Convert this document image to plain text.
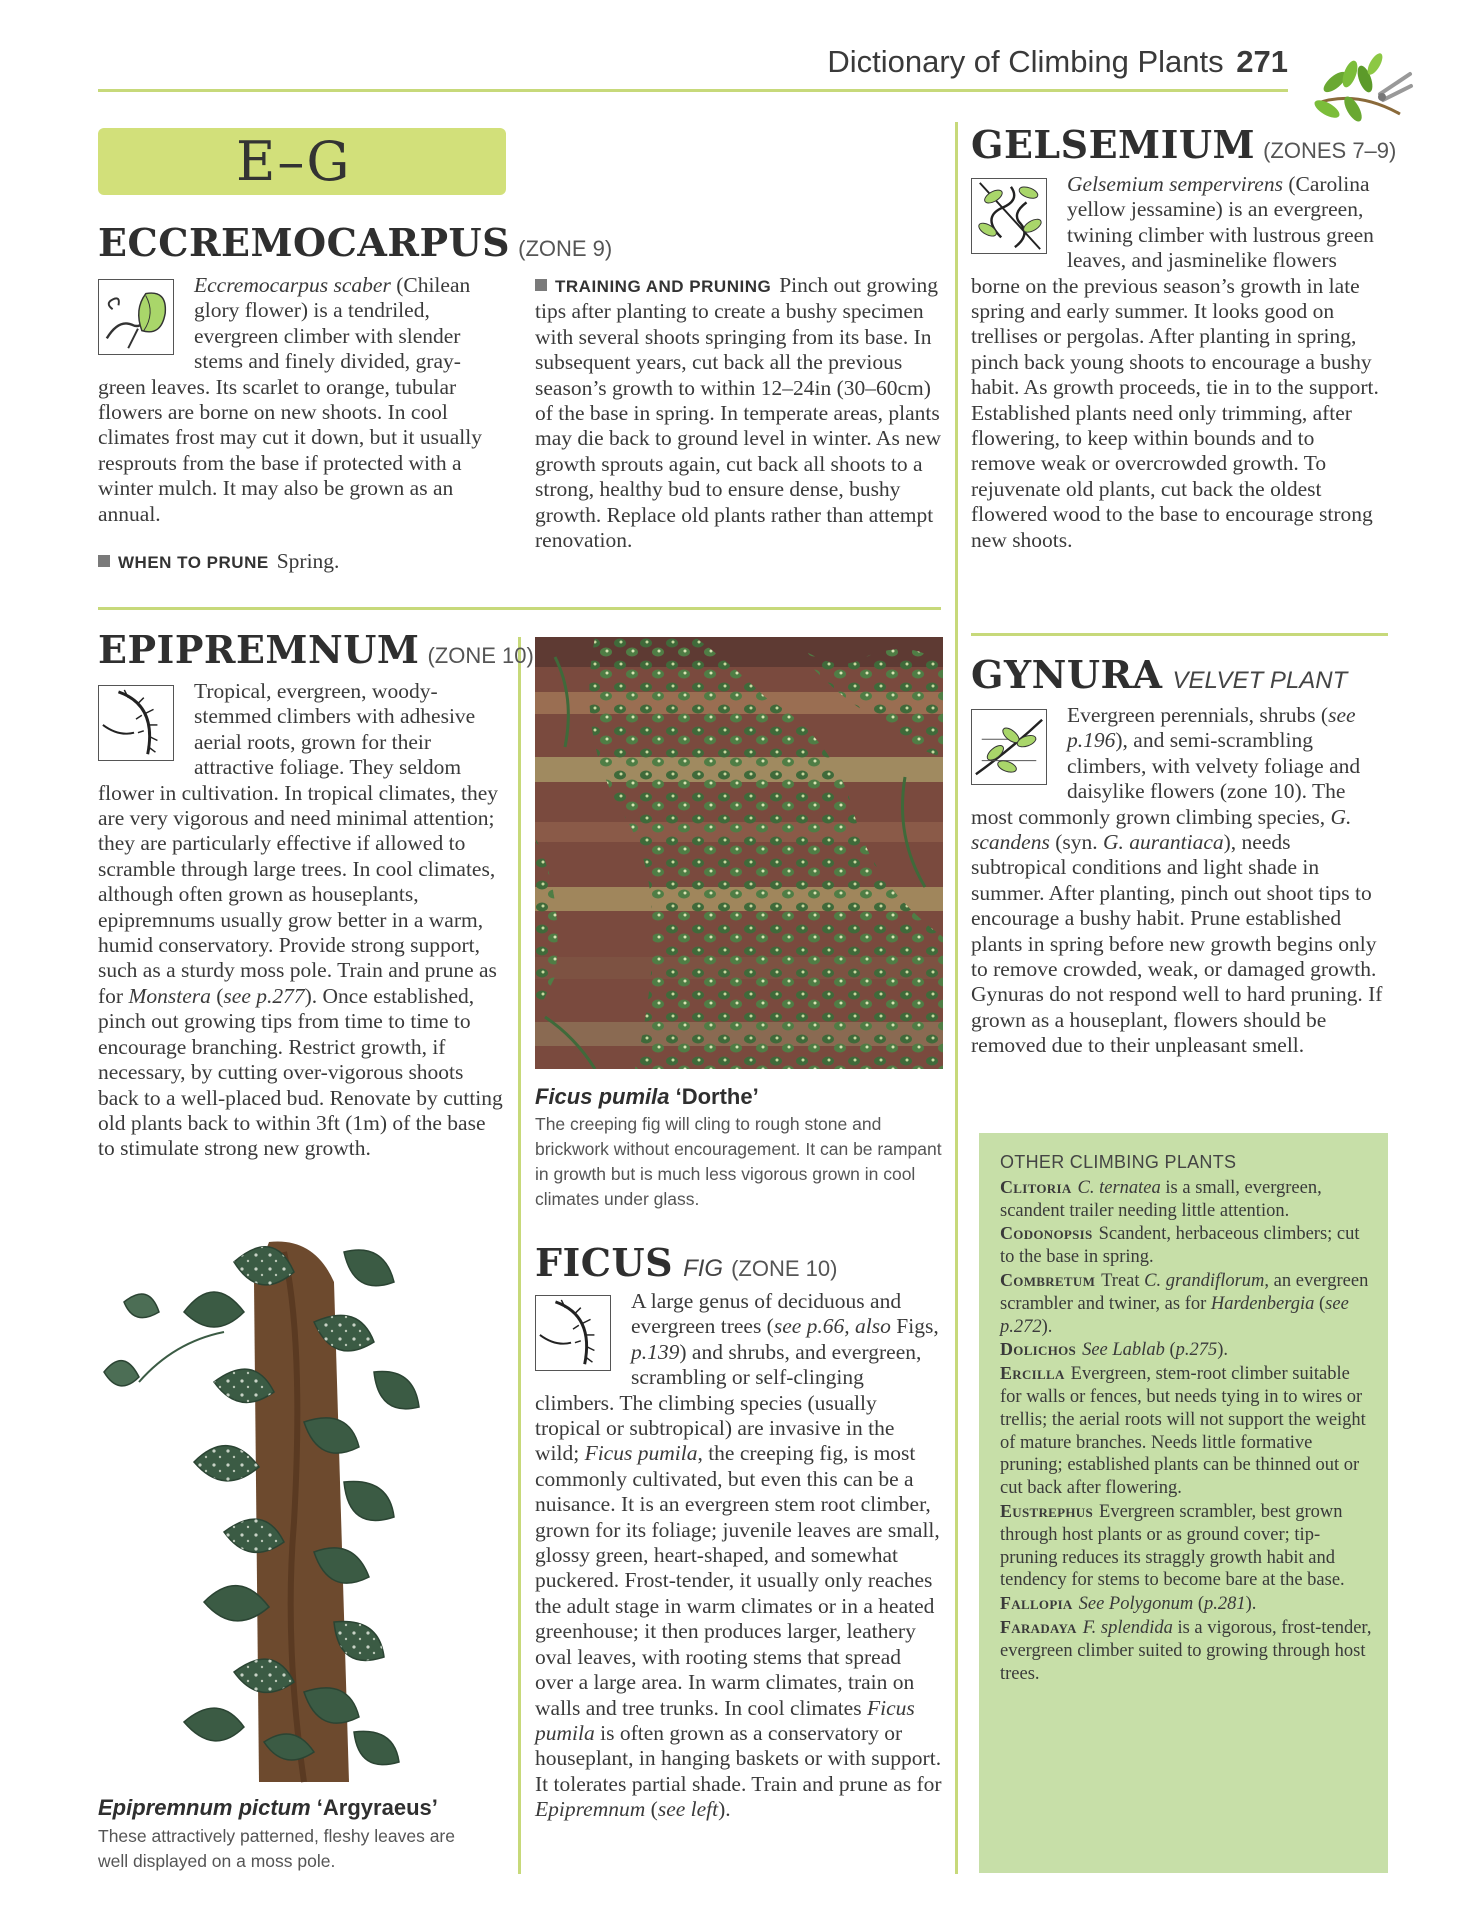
Dictionary of Climbing Plants 271
E–G
ECCREMOCARPUS (ZONE 9)

Eccremocarpus scaber (Chilean glory flower) is a tendriled, evergreen climber with slender stems and finely divided, gray-green leaves. Its scarlet to orange, tubular flowers are borne on new shoots. In cool climates frost may cut it down, but it usually resprouts from the base if protected with a winter mulch. It may also be grown as an annual.

WHEN TO PRUNE Spring.

TRAINING AND PRUNING Pinch out growing tips after planting to create a bushy specimen with several shoots springing from its base. In subsequent years, cut back all the previous season’s growth to within 12–24in (30–60cm) of the base in spring. In temperate areas, plants may die back to ground level in winter. As new growth sprouts again, cut back all shoots to a strong, healthy bud to ensure dense, bushy growth. Replace old plants rather than attempt renovation.

EPIPREMNUM (ZONE 10)

Tropical, evergreen, woody-stemmed climbers with adhesive aerial roots, grown for their attractive foliage. They seldom flower in cultivation. In tropical climates, they are very vigorous and need minimal attention; they are particularly effective if allowed to scramble through large trees. In cool climates, although often grown as houseplants, epipremnums usually grow better in a warm, humid conservatory. Provide strong support, such as a sturdy moss pole. Train and prune as for Monstera (see p.277). Once established, pinch out growing tips from time to time to encourage branching. Restrict growth, if necessary, by cutting over-vigorous shoots back to a well-placed bud. Renovate by cutting old plants back to within 3ft (1m) of the base to stimulate strong new growth.

Epipremnum pictum ‘Argyraeus’
These attractively patterned, fleshy leaves are well displayed on a moss pole.
Ficus pumila ‘Dorthe’
The creeping fig will cling to rough stone and brickwork without encouragement. It can be rampant in growth but is much less vigorous grown in cool climates under glass.
FICUS FIG (ZONE 10)

A large genus of deciduous and evergreen trees (see p.66, also Figs, p.139) and shrubs, and evergreen, scrambling or self-clinging climbers. The climbing species (usually tropical or subtropical) are invasive in the wild; Ficus pumila, the creeping fig, is most commonly cultivated, but even this can be a nuisance. It is an evergreen stem root climber, grown for its foliage; juvenile leaves are small, glossy green, heart-shaped, and somewhat puckered. Frost-tender, it usually only reaches the adult stage in warm climates or in a heated greenhouse; it then produces larger, leathery oval leaves, with rooting stems that spread over a large area. In warm climates, train on walls and tree trunks. In cool climates Ficus pumila is often grown as a conservatory or houseplant, in hanging baskets or with support. It tolerates partial shade. Train and prune as for Epipremnum (see left).

GELSEMIUM (ZONES 7–9)

Gelsemium sempervirens (Carolina yellow jessamine) is an evergreen, twining climber with lustrous green leaves, and jasminelike flowers borne on the previous season’s growth in late spring and early summer. It looks good on trellises or pergolas. After planting in spring, pinch back young shoots to encourage a bushy habit. As growth proceeds, tie in to the support. Established plants need only trimming, after flowering, to keep within bounds and to remove weak or overcrowded growth. To rejuvenate old plants, cut back the oldest flowered wood to the base to encourage strong new shoots.

GYNURA VELVET PLANT

Evergreen perennials, shrubs (see p.196), and semi-scrambling climbers, with velvety foliage and daisylike flowers (zone 10). The most commonly grown climbing species, G. scandens (syn. G. aurantiaca), needs subtropical conditions and light shade in summer. After planting, pinch out shoot tips to encourage a bushy habit. Prune established plants in spring before new growth begins only to remove crowded, weak, or damaged growth. Gynuras do not respond well to hard pruning. If grown as a houseplant, flowers should be removed due to their unpleasant smell.

OTHER CLIMBING PLANTS

Clitoria C. ternatea is a small, evergreen, scandent trailer needing little attention.

Codonopsis Scandent, herbaceous climbers; cut to the base in spring.

Combretum Treat C. grandiflorum, an evergreen scrambler and twiner, as for Hardenbergia (see p.272).

Dolichos See Lablab (p.275).

Ercilla Evergreen, stem-root climber suitable for walls or fences, but needs tying in to wires or trellis; the aerial roots will not support the weight of mature branches. Needs little formative pruning; established plants can be thinned out or cut back after flowering.

Eustrephus Evergreen scrambler, best grown through host plants or as ground cover; tip-pruning reduces its straggly growth habit and tendency for stems to become bare at the base.

Fallopia See Polygonum (p.281).

Faradaya F. splendida is a vigorous, frost-tender, evergreen climber suited to growing through host trees.
